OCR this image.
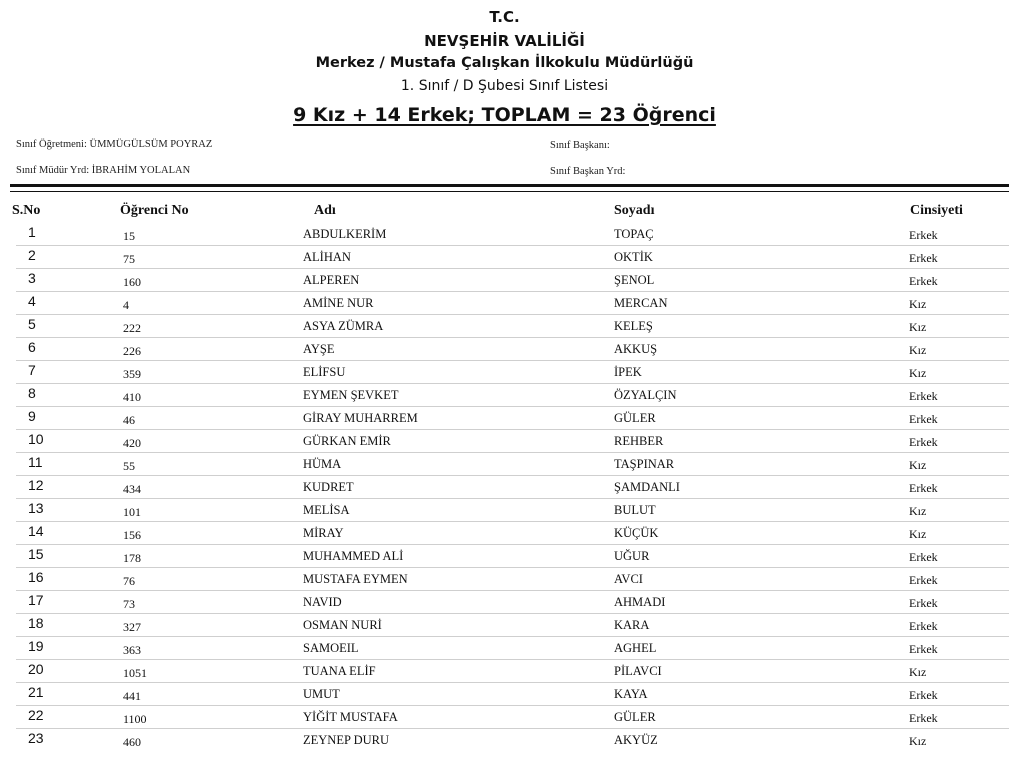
T.C.
NEVŞEHİR VALİLİĞİ
Merkez / Mustafa Çalışkan İlkokulu Müdürlüğü
1. Sınıf / D Şubesi Sınıf Listesi
9 Kız + 14 Erkek; TOPLAM = 23 Öğrenci
Sınıf Öğretmeni: ÜMMÜGÜLSÜM POYRAZ
Sınıf Müdür Yrd: İBRAHİM YOLALAN
Sınıf Başkanı:
Sınıf Başkan Yrd:
S.No	Öğrenci No	Adı	Soyadı	Cinsiyeti
1	15	ABDULKERİM	TOPAÇ	Erkek
2	75	ALİHAN	OKTİK	Erkek
3	160	ALPEREN	ŞENOL	Erkek
4	4	AMİNE NUR	MERCAN	Kız
5	222	ASYA ZÜMRA	KELEŞ	Kız
6	226	AYŞE	AKKUŞ	Kız
7	359	ELİFSU	İPEK	Kız
8	410	EYMEN ŞEVKET	ÖZYALÇIN	Erkek
9	46	GİRAY MUHARREM	GÜLER	Erkek
10	420	GÜRKAN EMİR	REHBER	Erkek
11	55	HÜMA	TAŞPINAR	Kız
12	434	KUDRET	ŞAMDANLI	Erkek
13	101	MELİSA	BULUT	Kız
14	156	MİRAY	KÜÇÜK	Kız
15	178	MUHAMMED ALİ	UĞUR	Erkek
16	76	MUSTAFA EYMEN	AVCI	Erkek
17	73	NAVID	AHMADI	Erkek
18	327	OSMAN NURİ	KARA	Erkek
19	363	SAMOEIL	AGHEL	Erkek
20	1051	TUANA ELİF	PİLAVCI	Kız
21	441	UMUT	KAYA	Erkek
22	1100	YİĞİT MUSTAFA	GÜLER	Erkek
23	460	ZEYNEP DURU	AKYÜZ	Kız
